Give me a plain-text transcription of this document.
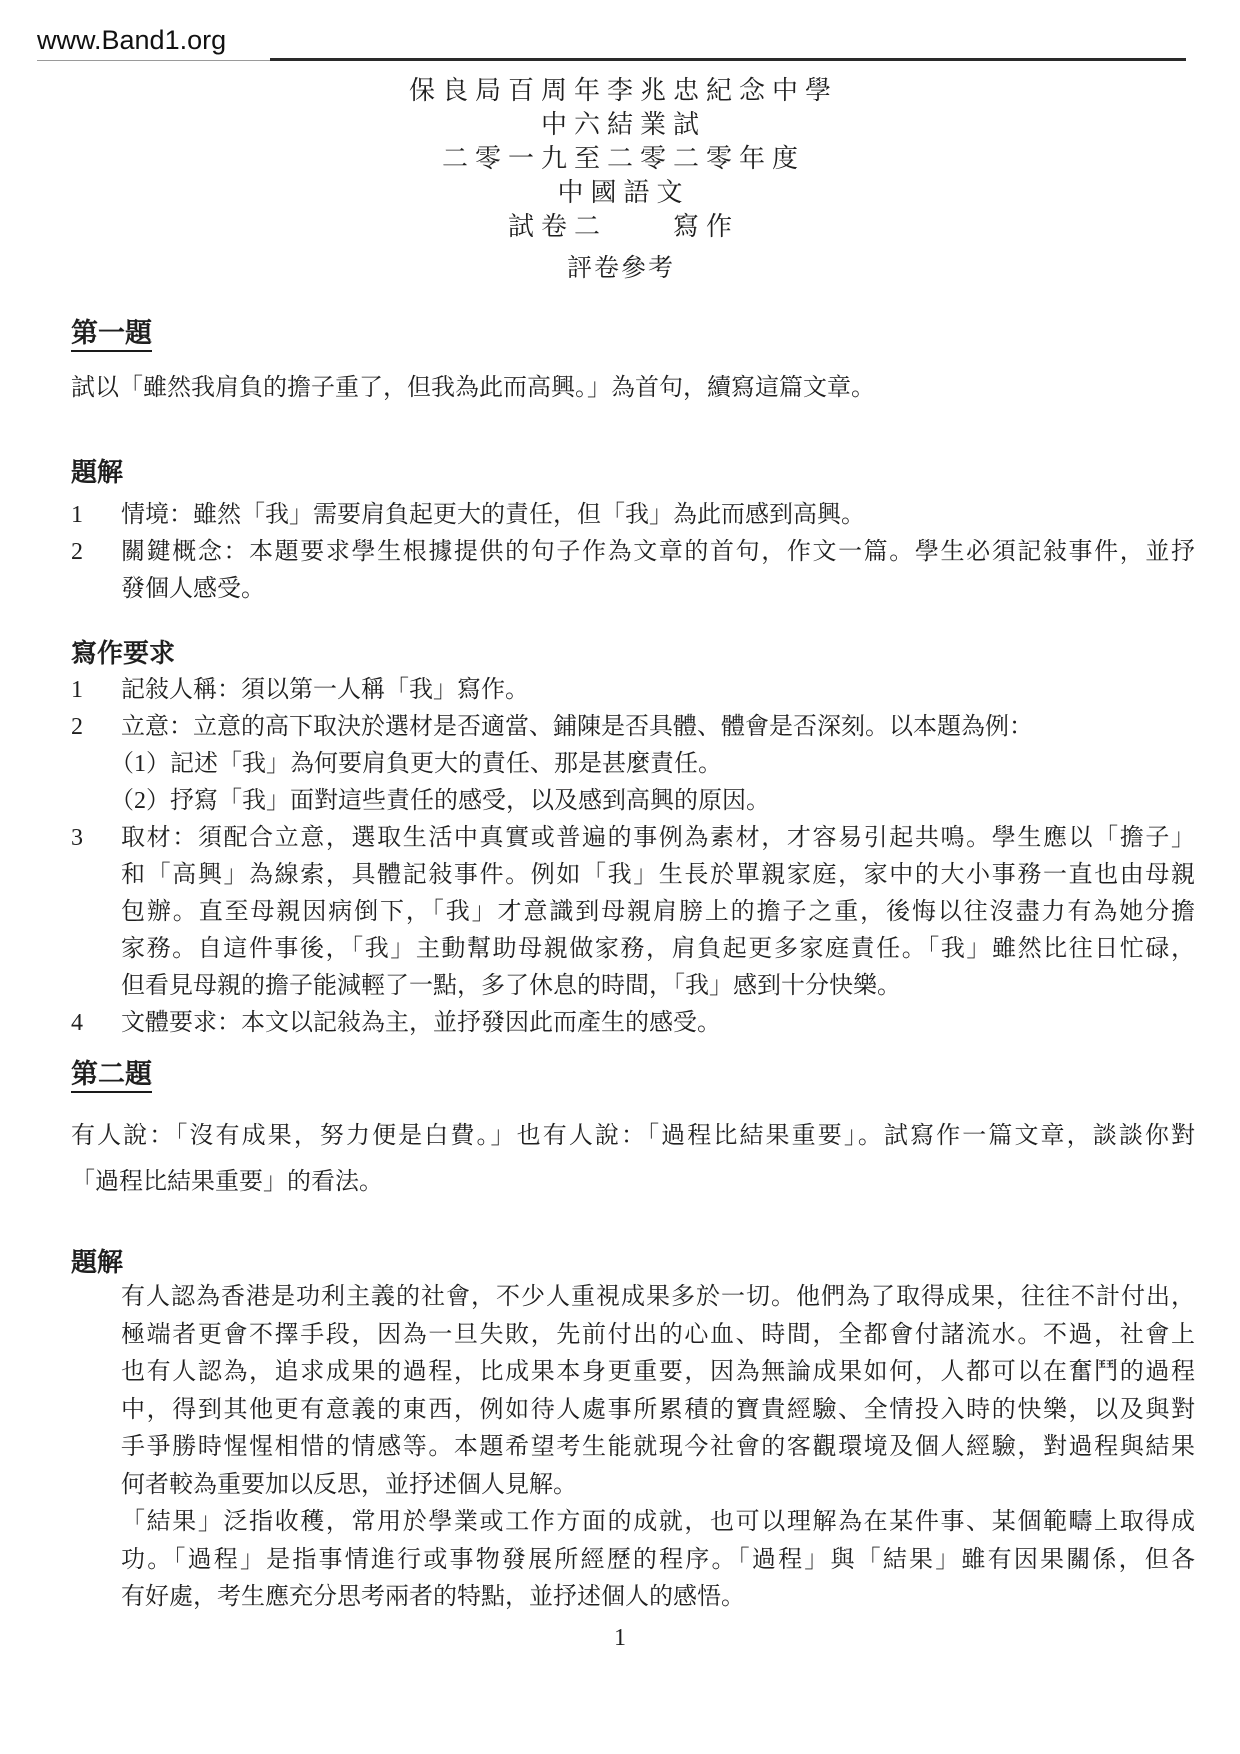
www.Band1.org
保良局百周年李兆忠紀念中學
中六結業試
二零一九至二零二零年度
中國語文
試卷二　　寫作
評卷參考
第一題
試以「雖然我肩負的擔子重了，但我為此而高興。」為首句，續寫這篇文章。
題解
1	情境：雖然「我」需要肩負起更大的責任，但「我」為此而感到高興。
2	關鍵概念：本題要求學生根據提供的句子作為文章的首句，作文一篇。學生必須記敍事件，並抒
發個人感受。
寫作要求
1	記敍人稱：須以第一人稱「我」寫作。
2	立意：立意的高下取決於選材是否適當、鋪陳是否具體、體會是否深刻。以本題為例：
（1）記述「我」為何要肩負更大的責任、那是甚麼責任。
（2）抒寫「我」面對這些責任的感受，以及感到高興的原因。
3	取材：須配合立意，選取生活中真實或普遍的事例為素材，才容易引起共鳴。學生應以「擔子」
和「高興」為線索，具體記敍事件。例如「我」生長於單親家庭，家中的大小事務一直也由母親
包辦。直至母親因病倒下，「我」才意識到母親肩膀上的擔子之重，後悔以往沒盡力有為她分擔
家務。自這件事後，「我」主動幫助母親做家務，肩負起更多家庭責任。「我」雖然比往日忙碌，
但看見母親的擔子能減輕了一點，多了休息的時間，「我」感到十分快樂。
4	文體要求：本文以記敍為主，並抒發因此而產生的感受。
第二題
有人說：「沒有成果，努力便是白費。」也有人說：「過程比結果重要」。試寫作一篇文章，談談你對
「過程比結果重要」的看法。
題解
有人認為香港是功利主義的社會，不少人重視成果多於一切。他們為了取得成果，往往不計付出，
極端者更會不擇手段，因為一旦失敗，先前付出的心血、時間，全都會付諸流水。不過，社會上
也有人認為，追求成果的過程，比成果本身更重要，因為無論成果如何，人都可以在奮鬥的過程
中，得到其他更有意義的東西，例如待人處事所累積的寶貴經驗、全情投入時的快樂，以及與對
手爭勝時惺惺相惜的情感等。本題希望考生能就現今社會的客觀環境及個人經驗，對過程與結果
何者較為重要加以反思，並抒述個人見解。
「結果」泛指收穫，常用於學業或工作方面的成就，也可以理解為在某件事、某個範疇上取得成
功。「過程」是指事情進行或事物發展所經歷的程序。「過程」與「結果」雖有因果關係，但各
有好處，考生應充分思考兩者的特點，並抒述個人的感悟。
1
